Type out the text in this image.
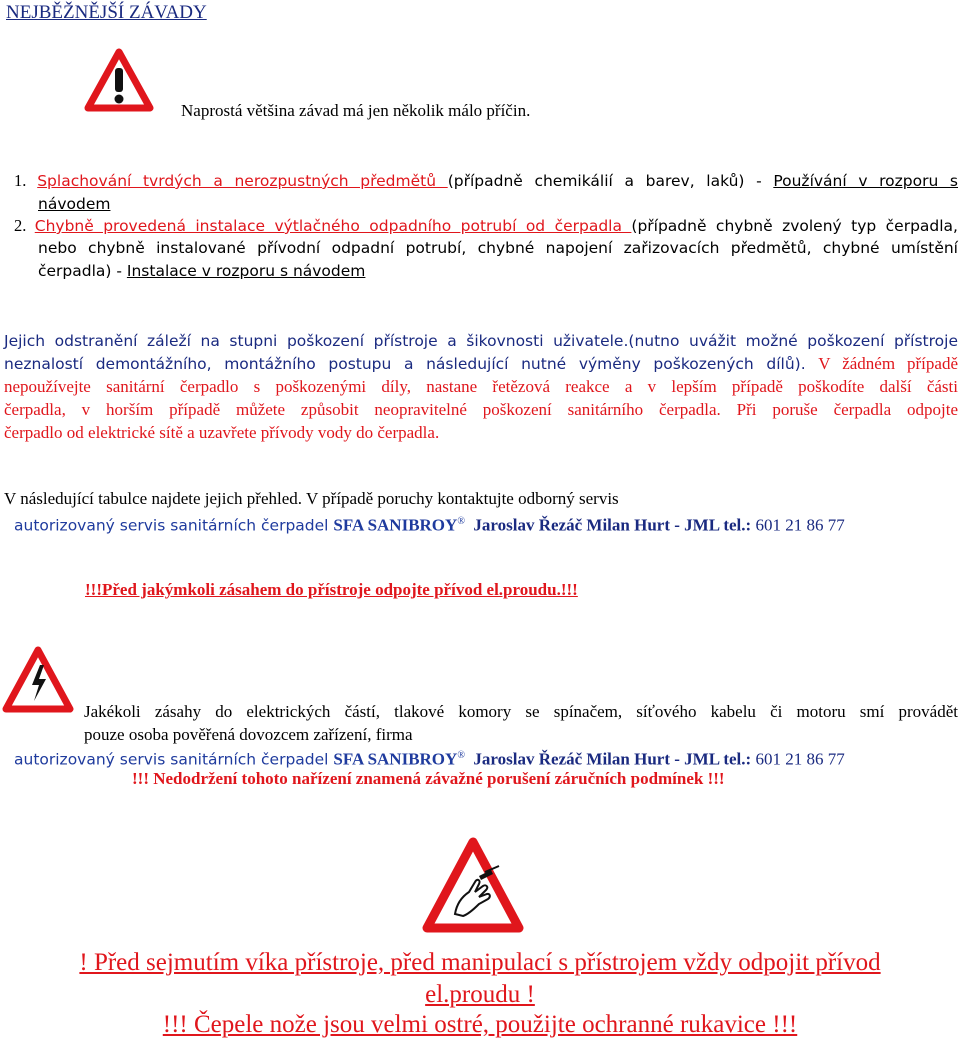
NEJBĚŽNĚJŠÍ ZÁVADY
Naprostá většina závad má jen několik málo příčin.
1. Splachování tvrdých a nerozpustných předmětů (případně chemikálií a barev, laků) - Používání v rozporu s
návodem
2. Chybně provedená instalace výtlačného odpadního potrubí od čerpadla (případně chybně zvolený typ čerpadla,
nebo chybně instalované přívodní odpadní potrubí, chybné napojení zařizovacích předmětů, chybné umístění
čerpadla) - Instalace v rozporu s návodem
Jejich odstranění záleží na stupni poškození přístroje a šikovnosti uživatele.(nutno uvážit možné poškození přístroje
neznalostí demontážního, montážního postupu a následující nutné výměny poškozených dílů). V žádném případě
nepoužívejte sanitární čerpadlo s poškozenými díly, nastane řetězová reakce a v lepším případě poškodíte další části
čerpadla, v horším případě můžete způsobit neopravitelné poškození sanitárního čerpadla. Při poruše čerpadla odpojte
čerpadlo od elektrické sítě a uzavřete přívody vody do čerpadla.
V následující tabulce najdete jejich přehled. V případě poruchy kontaktujte odborný servis
autorizovaný servis sanitárních čerpadel SFA SANIBROY® Jaroslav Řezáč Milan Hurt - JML tel.: 601 21 86 77
!!!Před jakýmkoli zásahem do přístroje odpojte přívod el.proudu.!!!
Jakékoli zásahy do elektrických částí, tlakové komory se spínačem, síťového kabelu či motoru smí provádět
pouze osoba pověřená dovozcem zařízení, firma
autorizovaný servis sanitárních čerpadel SFA SANIBROY® Jaroslav Řezáč Milan Hurt - JML tel.: 601 21 86 77
!!! Nedodržení tohoto nařízení znamená závažné porušení záručních podmínek !!!
! Před sejmutím víka přístroje, před manipulací s přístrojem vždy odpojit přívod
el.proudu !
!!! Čepele nože jsou velmi ostré, použijte ochranné rukavice !!!
